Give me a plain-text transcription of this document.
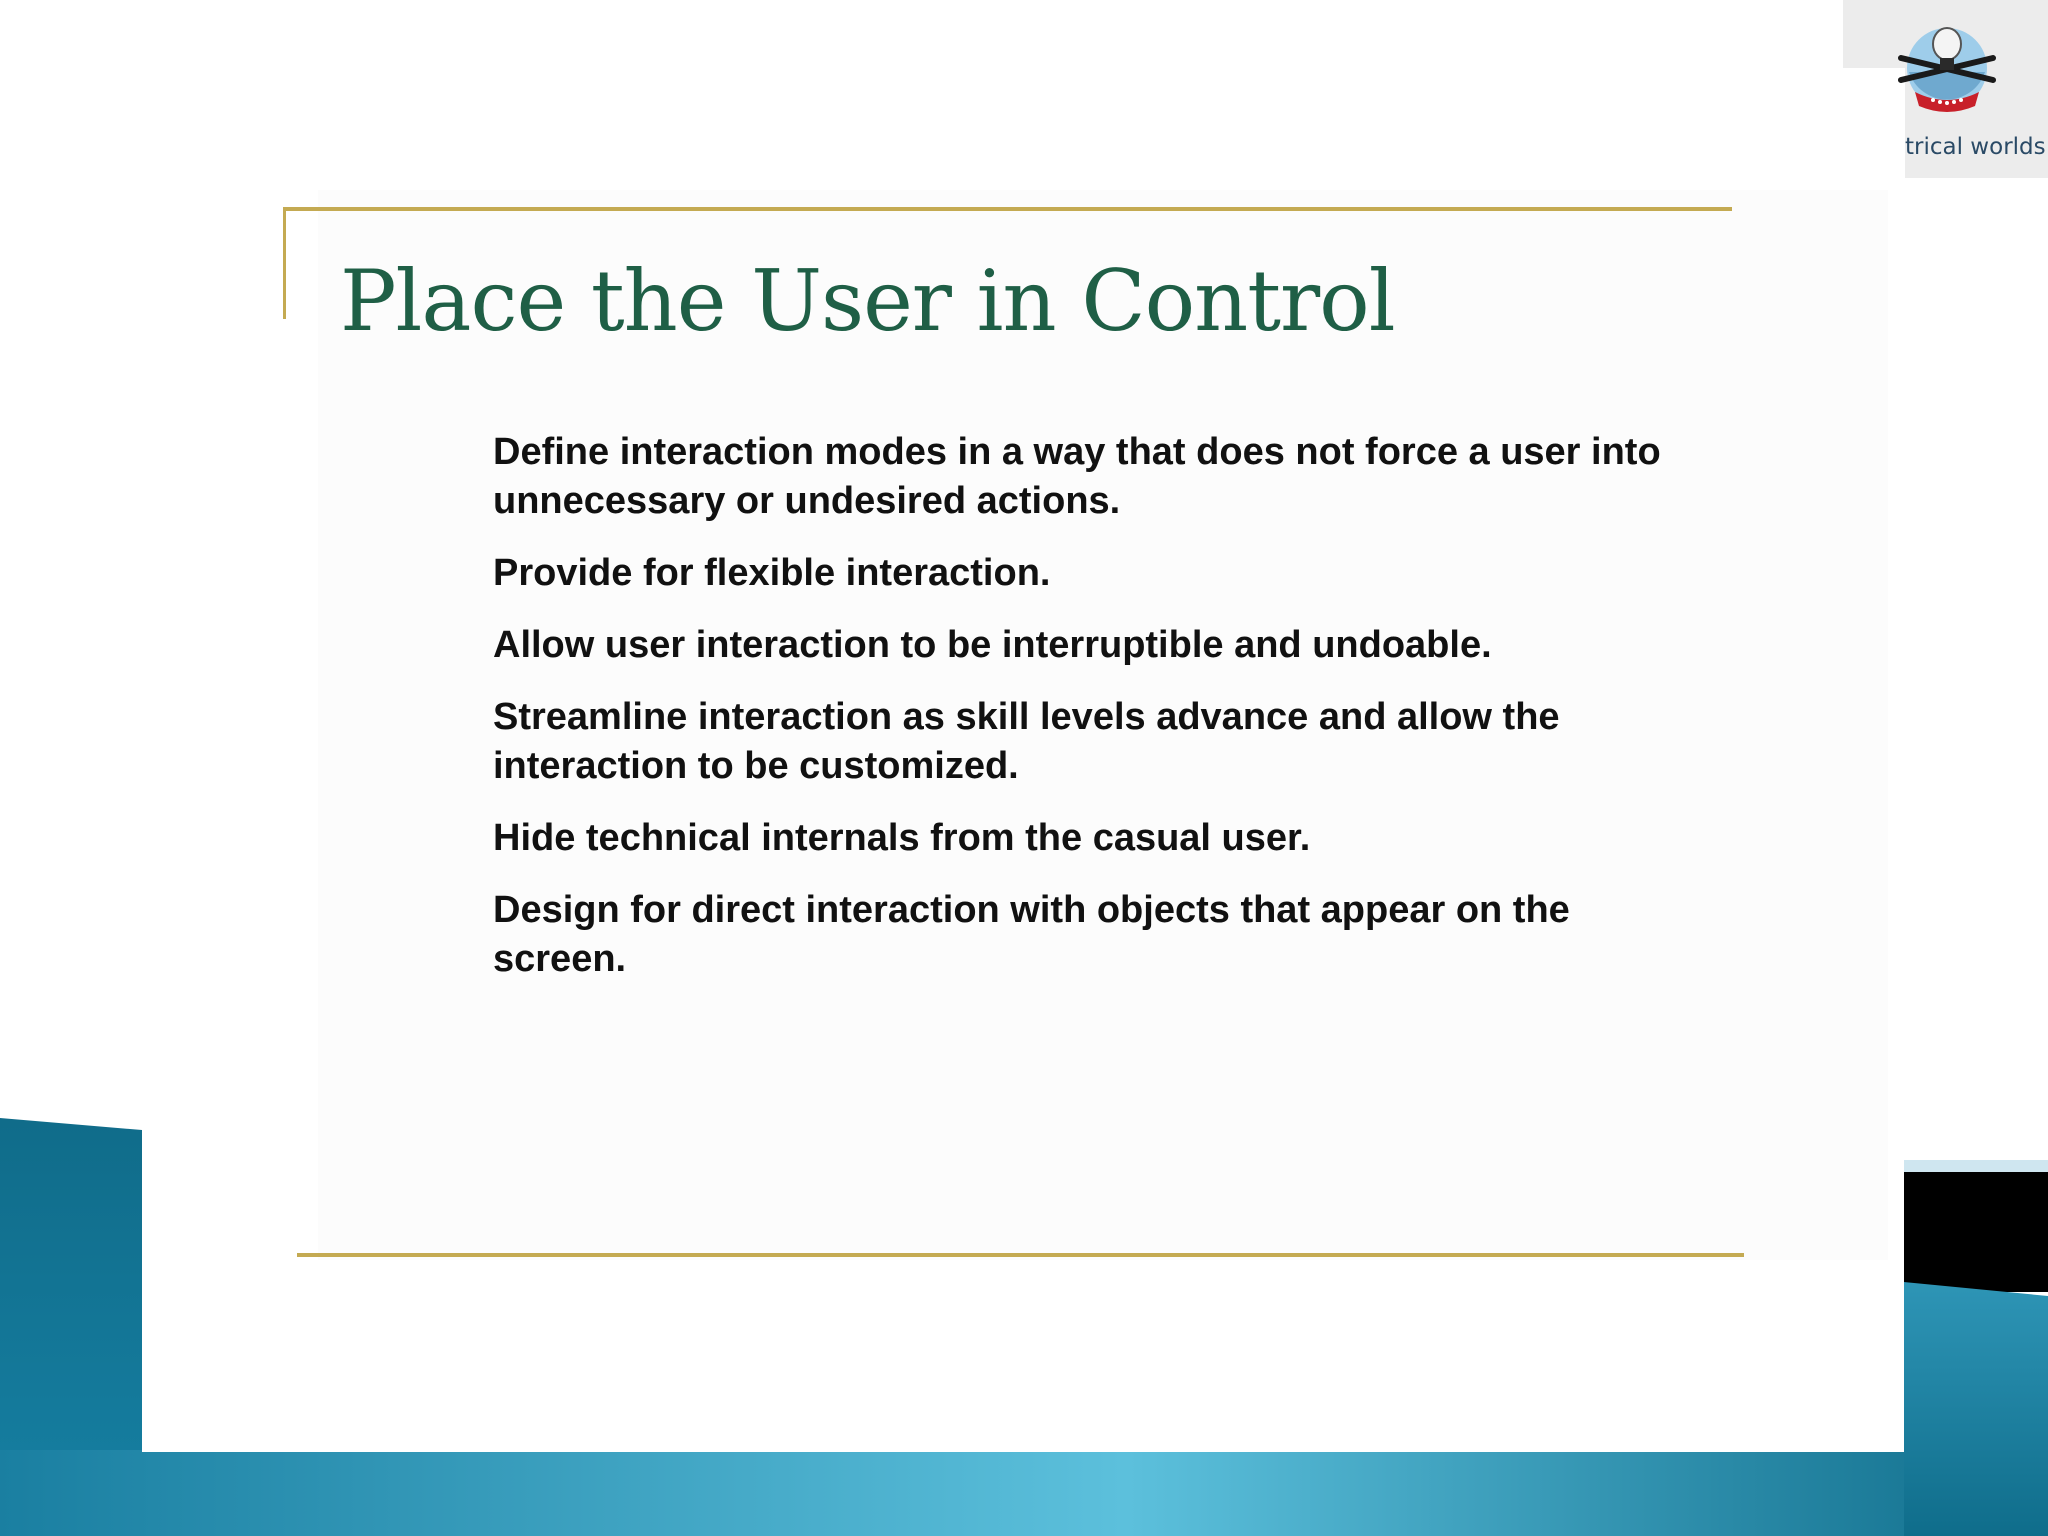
Place the User in Control
Define interaction modes in a way that does not force a user into unnecessary or undesired actions.
Provide for flexible interaction.
Allow user interaction to be interruptible and undoable.
Streamline interaction as skill levels advance and allow the interaction to be customized.
Hide technical internals from the casual user.
Design for direct interaction with objects that appear on the screen.
trical worlds
